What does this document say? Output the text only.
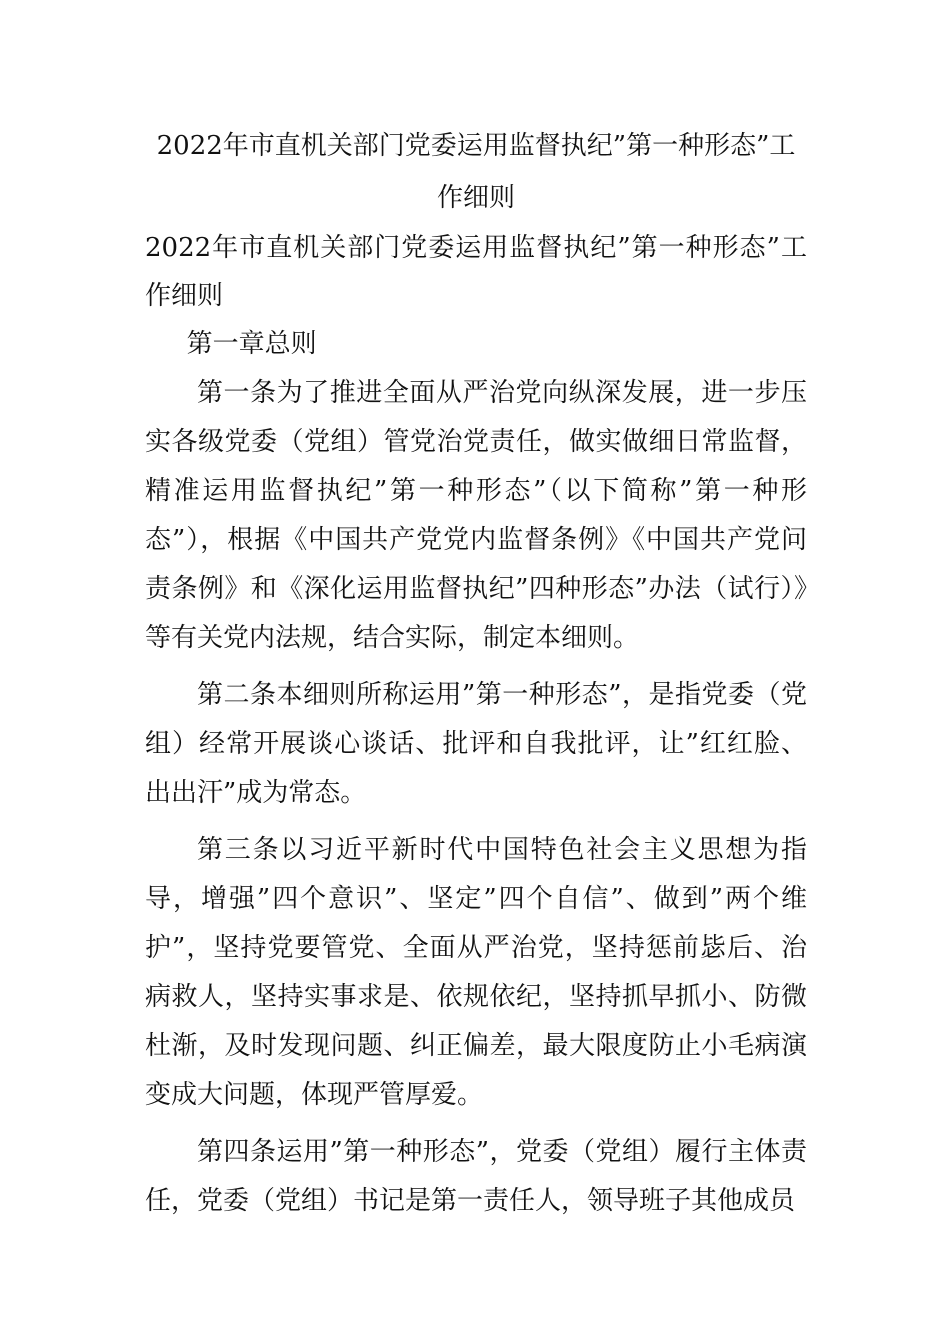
2022年市直机关部门党委运用监督执纪”第一种形态”工作细则

2022年市直机关部门党委运用监督执纪”第一种形态”工作细则

第一章总则

第一条为了推进全面从严治党向纵深发展，进一步压实各级党委（党组）管党治党责任，做实做细日常监督，精准运用监督执纪”第一种形态”（以下简称”第一种形态”），根据《中国共产党党内监督条例》《中国共产党问责条例》和《深化运用监督执纪”四种形态”办法（试行）》等有关党内法规，结合实际，制定本细则。

第二条本细则所称运用”第一种形态”，是指党委（党组）经常开展谈心谈话、批评和自我批评，让”红红脸、出出汗”成为常态。

第三条以习近平新时代中国特色社会主义思想为指导，增强”四个意识”、坚定”四个自信”、做到”两个维护”，坚持党要管党、全面从严治党，坚持惩前毖后、治病救人，坚持实事求是、依规依纪，坚持抓早抓小、防微杜渐，及时发现问题、纠正偏差，最大限度防止小毛病演变成大问题，体现严管厚爱。

第四条运用”第一种形态”，党委（党组）履行主体责任，党委（党组）书记是第一责任人，领导班子其他成员
